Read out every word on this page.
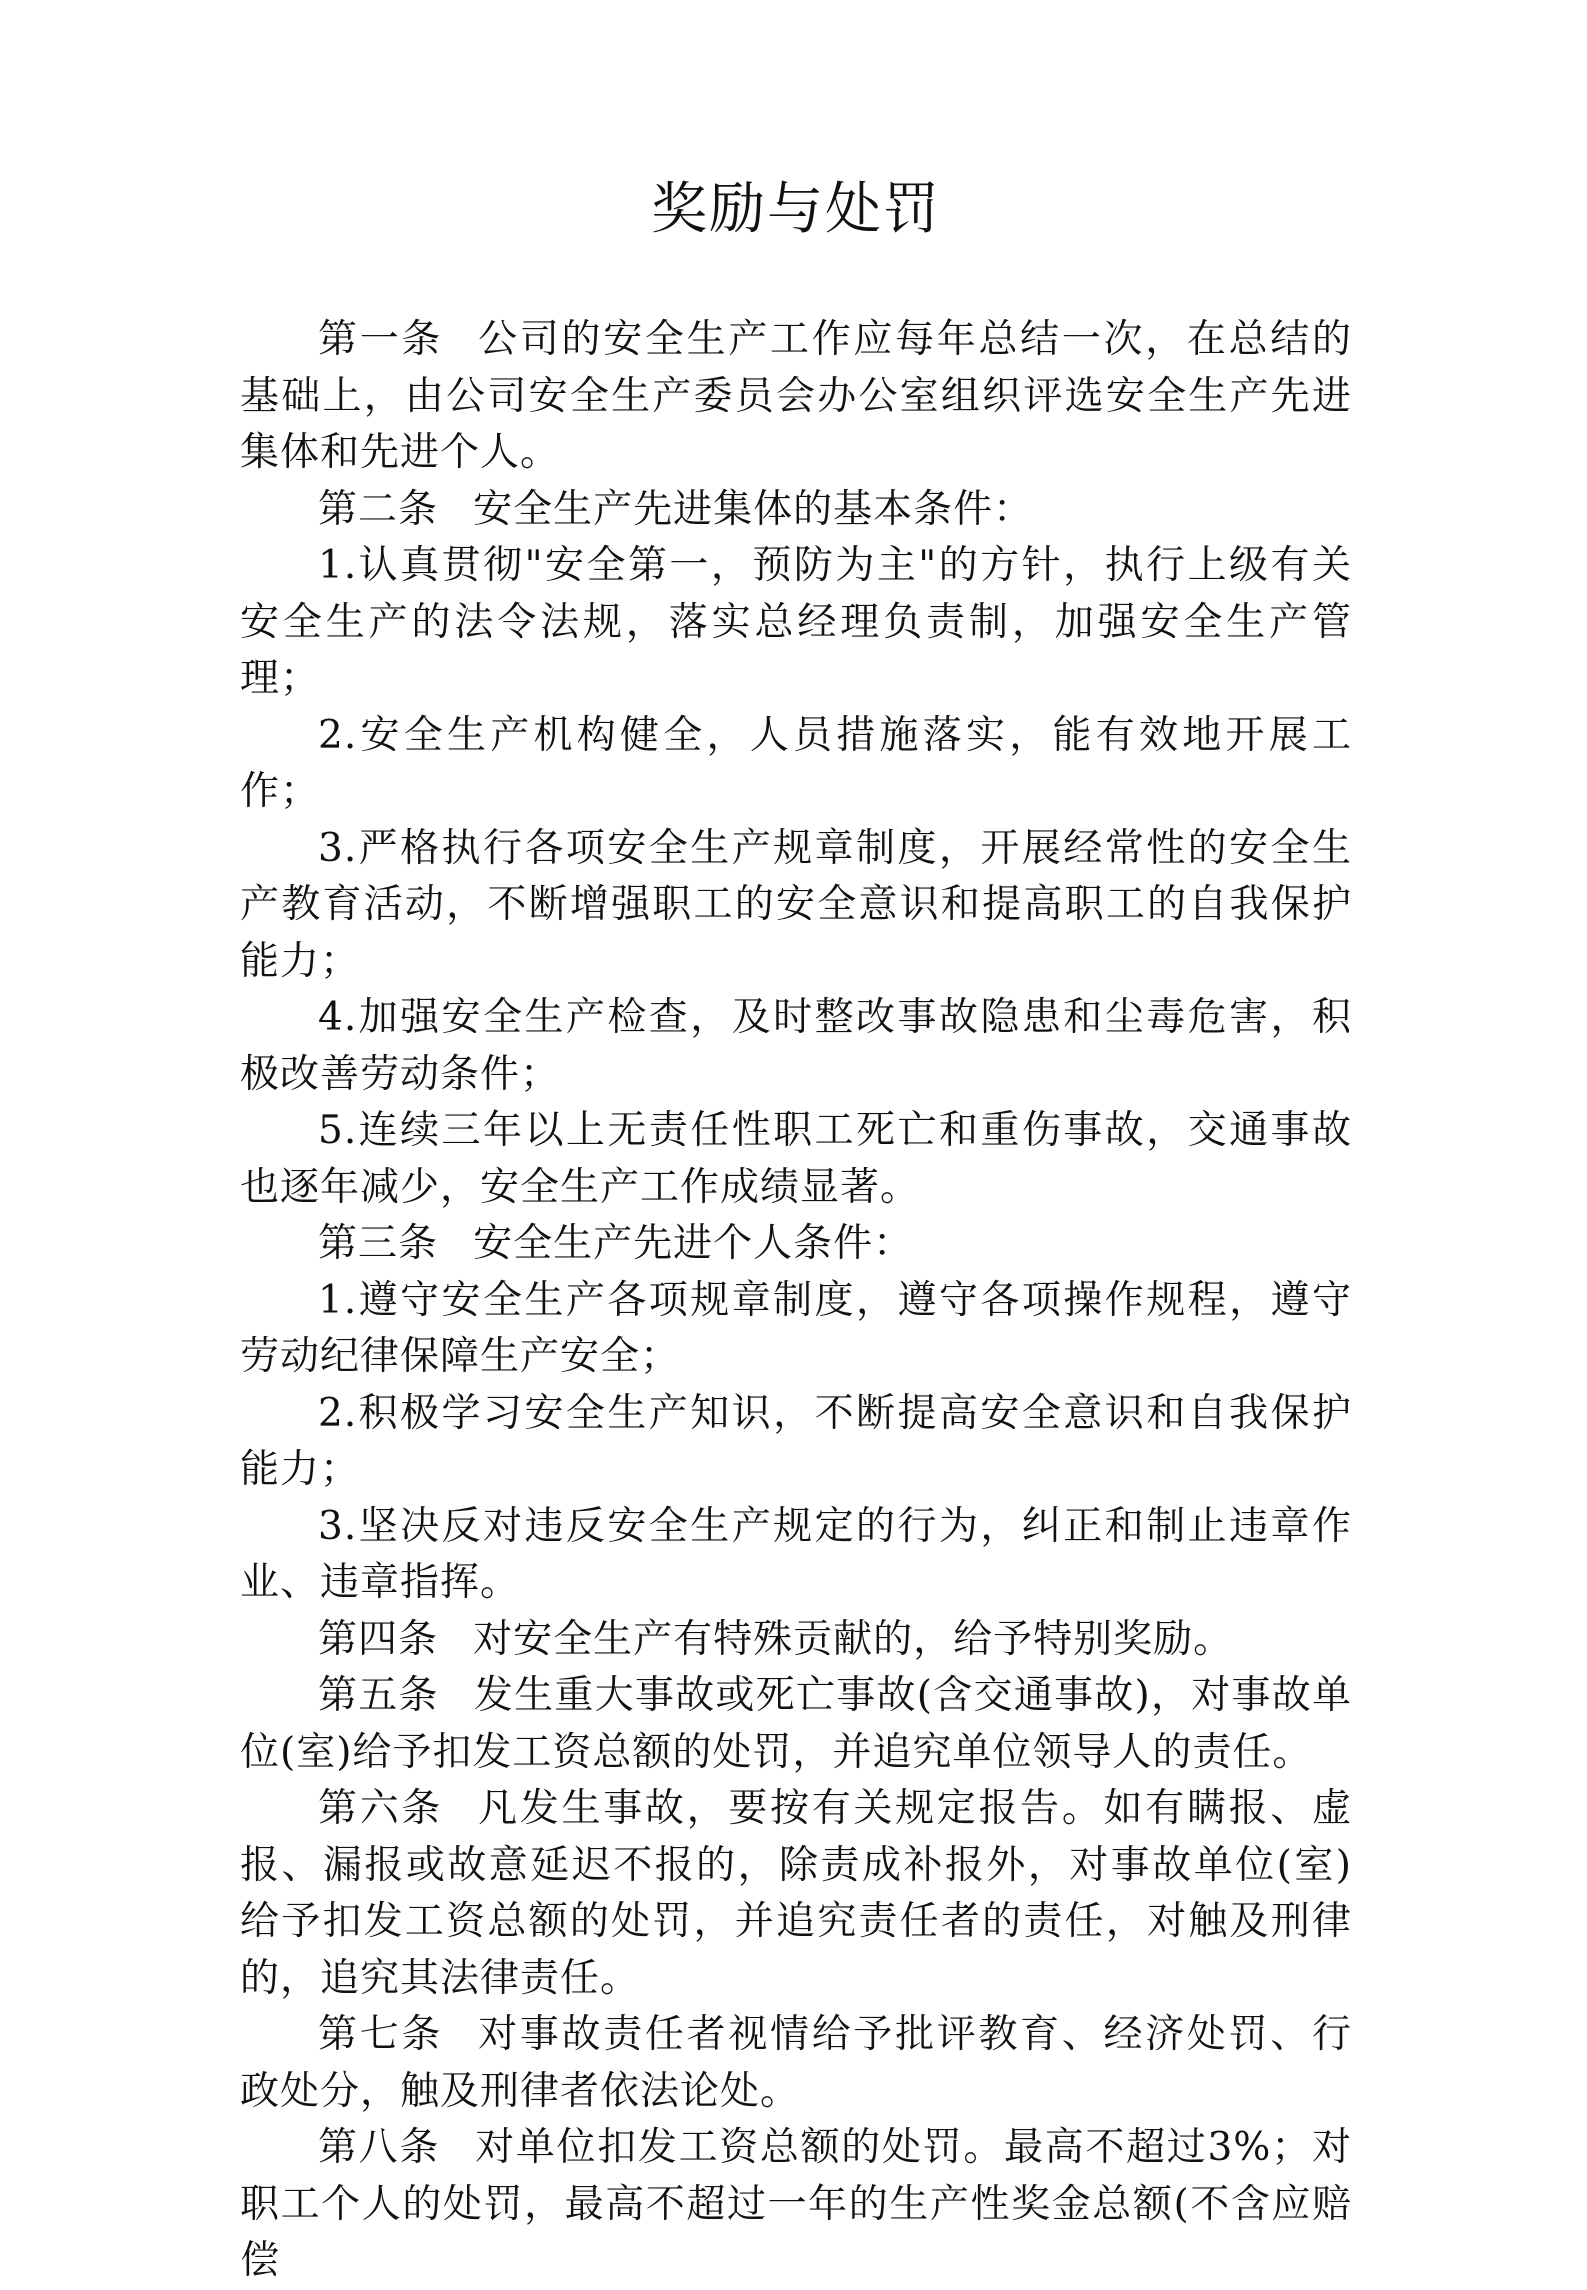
奖励与处罚

第一条 公司的安全生产工作应每年总结一次，在总结的基础上，由公司安全生产委员会办公室组织评选安全生产先进集体和先进个人。

第二条 安全生产先进集体的基本条件：

1.认真贯彻"安全第一，预防为主"的方针，执行上级有关安全生产的法令法规，落实总经理负责制，加强安全生产管理；

2.安全生产机构健全，人员措施落实，能有效地开展工作；

3.严格执行各项安全生产规章制度，开展经常性的安全生产教育活动，不断增强职工的安全意识和提高职工的自我保护能力；

4.加强安全生产检查，及时整改事故隐患和尘毒危害，积极改善劳动条件；

5.连续三年以上无责任性职工死亡和重伤事故，交通事故也逐年减少，安全生产工作成绩显著。

第三条 安全生产先进个人条件：

1.遵守安全生产各项规章制度，遵守各项操作规程，遵守劳动纪律保障生产安全；

2.积极学习安全生产知识，不断提高安全意识和自我保护能力；

3.坚决反对违反安全生产规定的行为，纠正和制止违章作业、违章指挥。

第四条 对安全生产有特殊贡献的，给予特别奖励。

第五条 发生重大事故或死亡事故(含交通事故)，对事故单位(室)给予扣发工资总额的处罚，并追究单位领导人的责任。

第六条 凡发生事故，要按有关规定报告。如有瞒报、虚报、漏报或故意延迟不报的，除责成补报外，对事故单位(室)给予扣发工资总额的处罚，并追究责任者的责任，对触及刑律的，追究其法律责任。

第七条 对事故责任者视情给予批评教育、经济处罚、行政处分，触及刑律者依法论处。

第八条 对单位扣发工资总额的处罚。最高不超过3%；对职工个人的处罚，最高不超过一年的生产性奖金总额(不含应赔偿
